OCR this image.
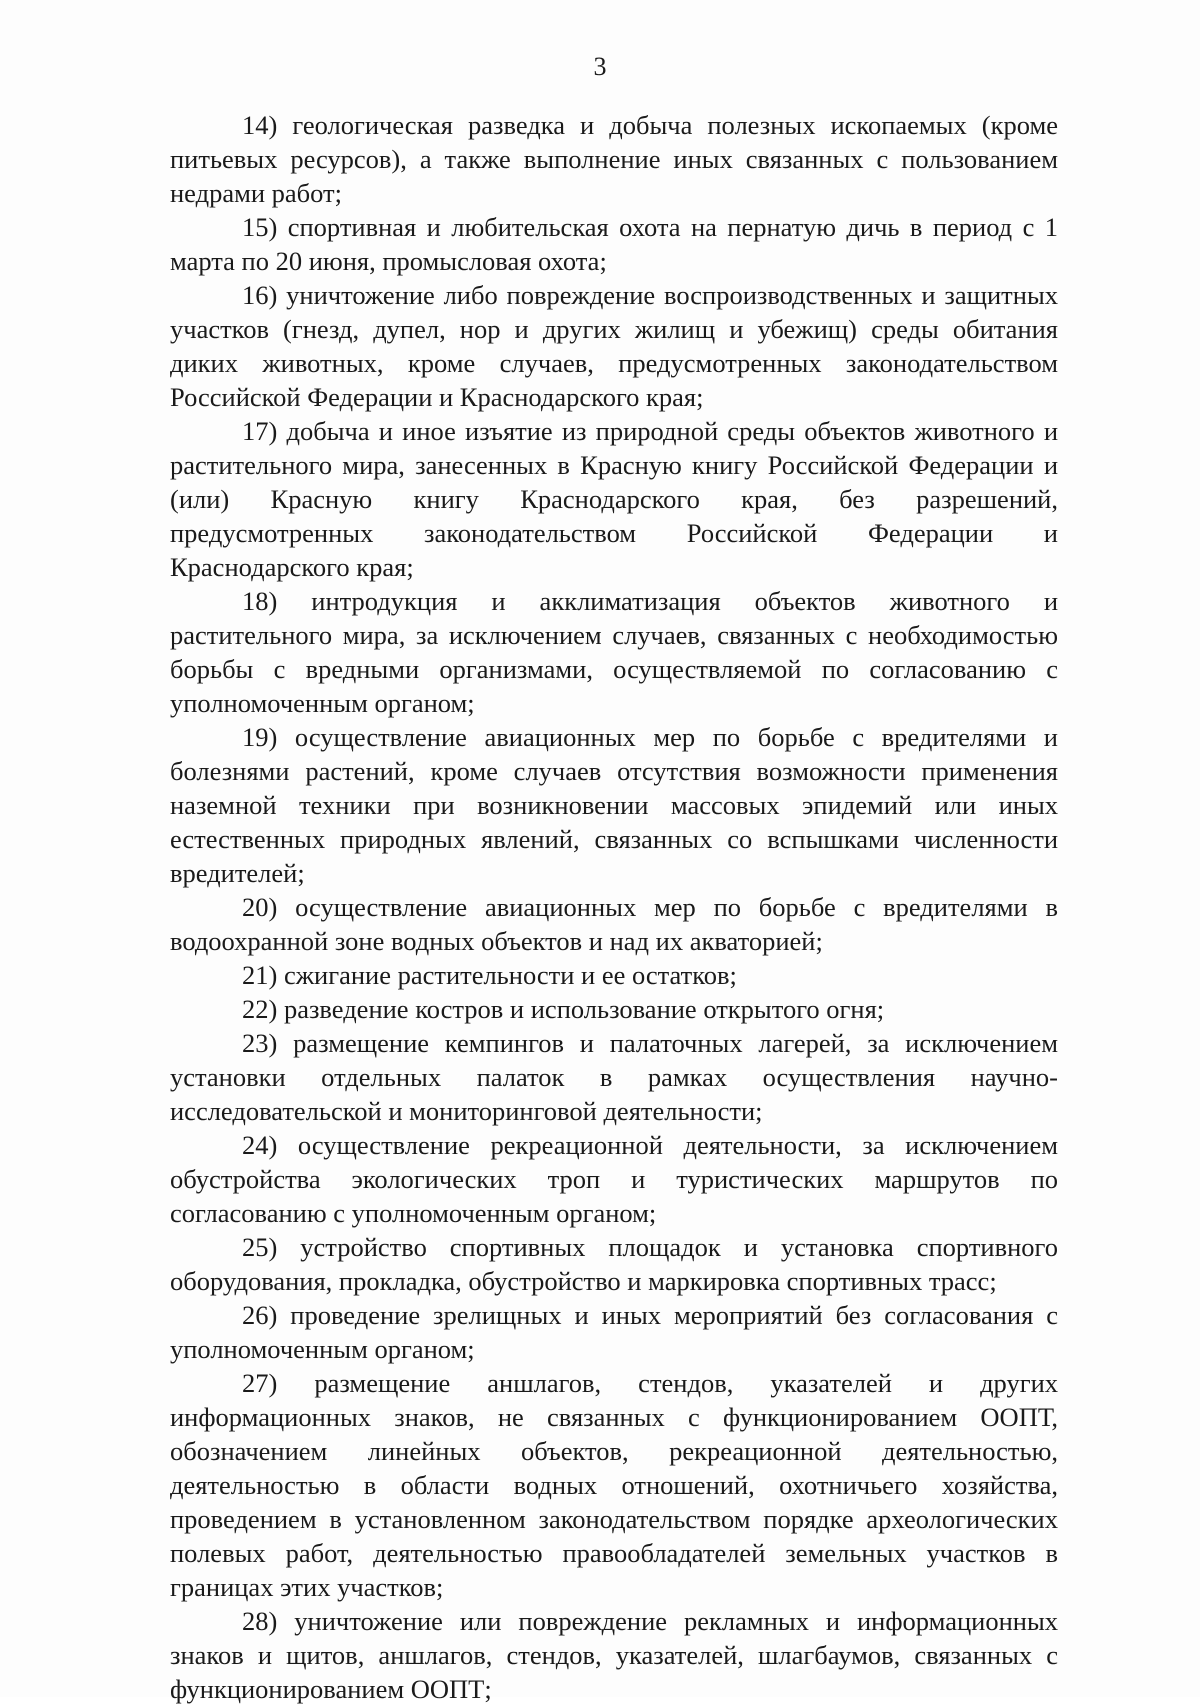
3

14) геологическая разведка и добыча полезных ископаемых (кроме питьевых ресурсов), а также выполнение иных связанных с пользованием недрами работ;

15) спортивная и любительская охота на пернатую дичь в период с 1 марта по 20 июня, промысловая охота;

16) уничтожение либо повреждение воспроизводственных и защитных участков (гнезд, дупел, нор и других жилищ и убежищ) среды обитания диких животных, кроме случаев, предусмотренных законодательством Российской Федерации и Краснодарского края;

17) добыча и иное изъятие из природной среды объектов животного и растительного мира, занесенных в Красную книгу Российской Федерации и (или) Красную книгу Краснодарского края, без разрешений, предусмотренных законодательством Российской Федерации и Краснодарского края;

18) интродукция и акклиматизация объектов животного и растительного мира, за исключением случаев, связанных с необходимостью борьбы с вредными организмами, осуществляемой по согласованию с уполномоченным органом;

19) осуществление авиационных мер по борьбе с вредителями и болезнями растений, кроме случаев отсутствия возможности применения наземной техники при возникновении массовых эпидемий или иных естественных природных явлений, связанных со вспышками численности вредителей;

20) осуществление авиационных мер по борьбе с вредителями в водоохранной зоне водных объектов и над их акваторией;

21) сжигание растительности и ее остатков;

22) разведение костров и использование открытого огня;

23) размещение кемпингов и палаточных лагерей, за исключением установки отдельных палаток в рамках осуществления научно-исследовательской и мониторинговой деятельности;

24) осуществление рекреационной деятельности, за исключением обустройства экологических троп и туристических маршрутов по согласованию с уполномоченным органом;

25) устройство спортивных площадок и установка спортивного оборудования, прокладка, обустройство и маркировка спортивных трасс;

26) проведение зрелищных и иных мероприятий без согласования с уполномоченным органом;

27) размещение аншлагов, стендов, указателей и других информационных знаков, не связанных с функционированием ООПТ, обозначением линейных объектов, рекреационной деятельностью, деятельностью в области водных отношений, охотничьего хозяйства, проведением в установленном законодательством порядке археологических полевых работ, деятельностью правообладателей земельных участков в границах этих участков;

28) уничтожение или повреждение рекламных и информационных знаков и щитов, аншлагов, стендов, указателей, шлагбаумов, связанных с функционированием ООПТ;
